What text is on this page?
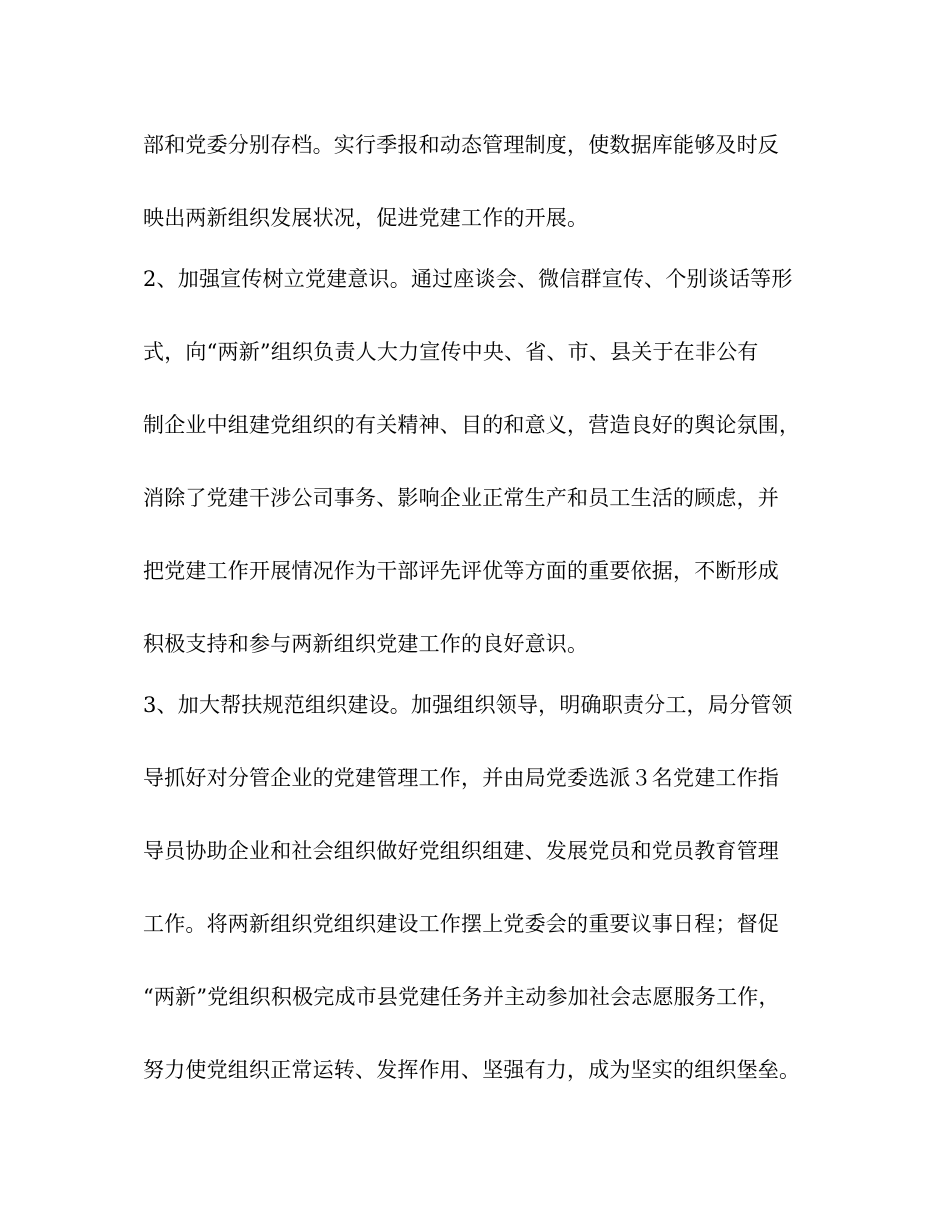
部和党委分别存档。实行季报和动态管理制度，使数据库能够及时反
映出两新组织发展状况，促进党建工作的开展。
2、加强宣传树立党建意识。通过座谈会、微信群宣传、个别谈话等形
式，向“两新”组织负责人大力宣传中央、省、市、县关于在非公有
制企业中组建党组织的有关精神、目的和意义，营造良好的舆论氛围，
消除了党建干涉公司事务、影响企业正常生产和员工生活的顾虑，并
把党建工作开展情况作为干部评先评优等方面的重要依据，不断形成
积极支持和参与两新组织党建工作的良好意识。
3、加大帮扶规范组织建设。加强组织领导，明确职责分工，局分管领
导抓好对分管企业的党建管理工作，并由局党委选派３名党建工作指
导员协助企业和社会组织做好党组织组建、发展党员和党员教育管理
工作。将两新组织党组织建设工作摆上党委会的重要议事日程；督促
“两新”党组织积极完成市县党建任务并主动参加社会志愿服务工作，
努力使党组织正常运转、发挥作用、坚强有力，成为坚实的组织堡垒。
